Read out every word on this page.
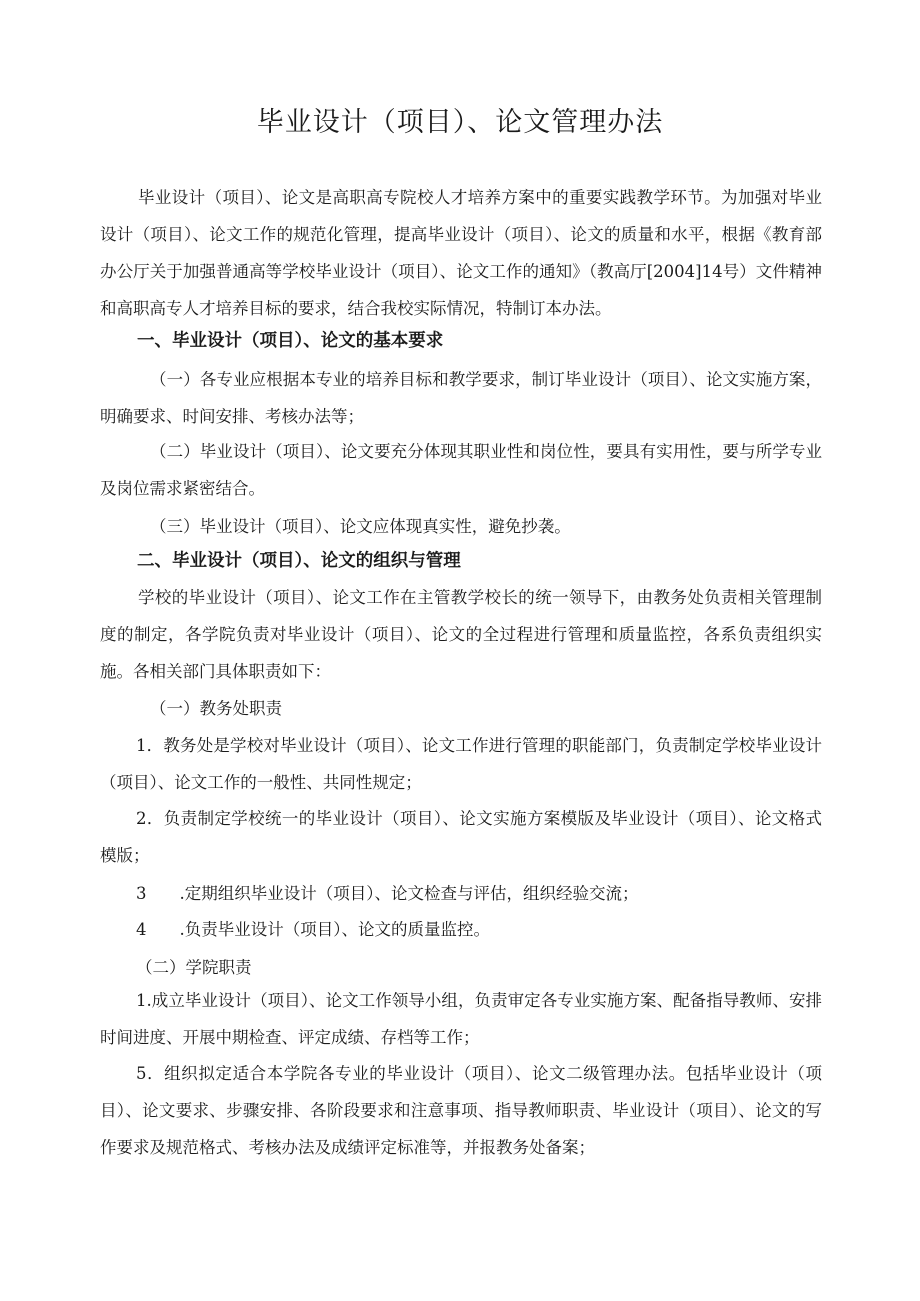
毕业设计（项目）、论文管理办法
毕业设计（项目）、论文是高职高专院校人才培养方案中的重要实践教学环节。为加强对毕业设计（项目）、论文工作的规范化管理，提高毕业设计（项目）、论文的质量和水平，根据《教育部办公厅关于加强普通高等学校毕业设计（项目）、论文工作的通知》（教高厅[2004]14号）文件精神和高职高专人才培养目标的要求，结合我校实际情况，特制订本办法。
一、毕业设计（项目）、论文的基本要求
（一）各专业应根据本专业的培养目标和教学要求，制订毕业设计（项目）、论文实施方案，明确要求、时间安排、考核办法等；
（二）毕业设计（项目）、论文要充分体现其职业性和岗位性，要具有实用性，要与所学专业及岗位需求紧密结合。
（三）毕业设计（项目）、论文应体现真实性，避免抄袭。
二、毕业设计（项目）、论文的组织与管理
学校的毕业设计（项目）、论文工作在主管教学校长的统一领导下，由教务处负责相关管理制度的制定，各学院负责对毕业设计（项目）、论文的全过程进行管理和质量监控，各系负责组织实施。各相关部门具体职责如下：
（一）教务处职责
1．教务处是学校对毕业设计（项目）、论文工作进行管理的职能部门，负责制定学校毕业设计（项目）、论文工作的一般性、共同性规定；
2．负责制定学校统一的毕业设计（项目）、论文实施方案模版及毕业设计（项目）、论文格式模版；
3　　.定期组织毕业设计（项目）、论文检查与评估，组织经验交流；
4　　.负责毕业设计（项目）、论文的质量监控。
（二）学院职责
1.成立毕业设计（项目）、论文工作领导小组，负责审定各专业实施方案、配备指导教师、安排时间进度、开展中期检查、评定成绩、存档等工作；
5．组织拟定适合本学院各专业的毕业设计（项目）、论文二级管理办法。包括毕业设计（项目）、论文要求、步骤安排、各阶段要求和注意事项、指导教师职责、毕业设计（项目）、论文的写作要求及规范格式、考核办法及成绩评定标准等，并报教务处备案；
